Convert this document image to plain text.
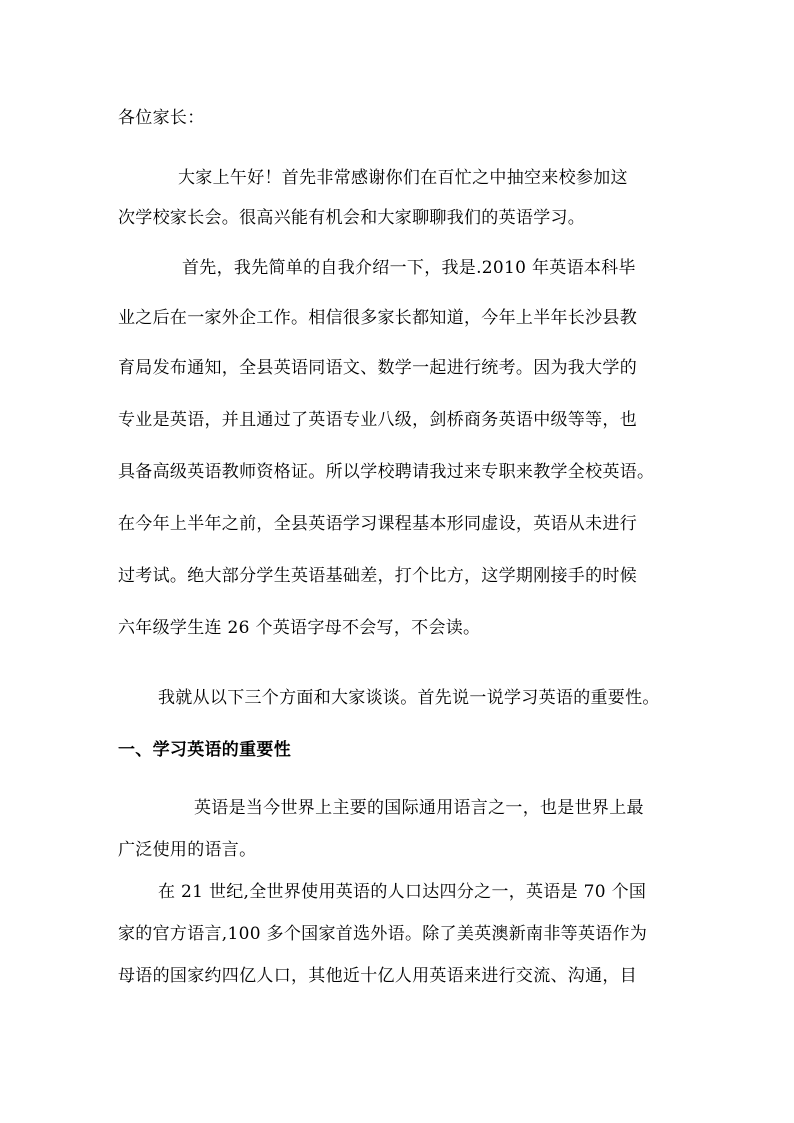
各位家长：
大家上午好！首先非常感谢你们在百忙之中抽空来校参加这
次学校家长会。很高兴能有机会和大家聊聊我们的英语学习。
首先，我先简单的自我介绍一下，我是.2010 年英语本科毕
业之后在一家外企工作。相信很多家长都知道，今年上半年长沙县教
育局发布通知，全县英语同语文、数学一起进行统考。因为我大学的
专业是英语，并且通过了英语专业八级，剑桥商务英语中级等等，也
具备高级英语教师资格证。所以学校聘请我过来专职来教学全校英语。
在今年上半年之前，全县英语学习课程基本形同虚设，英语从未进行
过考试。绝大部分学生英语基础差，打个比方，这学期刚接手的时候
六年级学生连 26 个英语字母不会写，不会读。
我就从以下三个方面和大家谈谈。首先说一说学习英语的重要性。
一、学习英语的重要性
英语是当今世界上主要的国际通用语言之一，也是世界上最
广泛使用的语言。
在 21 世纪,全世界使用英语的人口达四分之一，英语是 70 个国
家的官方语言,100 多个国家首选外语。除了美英澳新南非等英语作为
母语的国家约四亿人口，其他近十亿人用英语来进行交流、沟通，目
